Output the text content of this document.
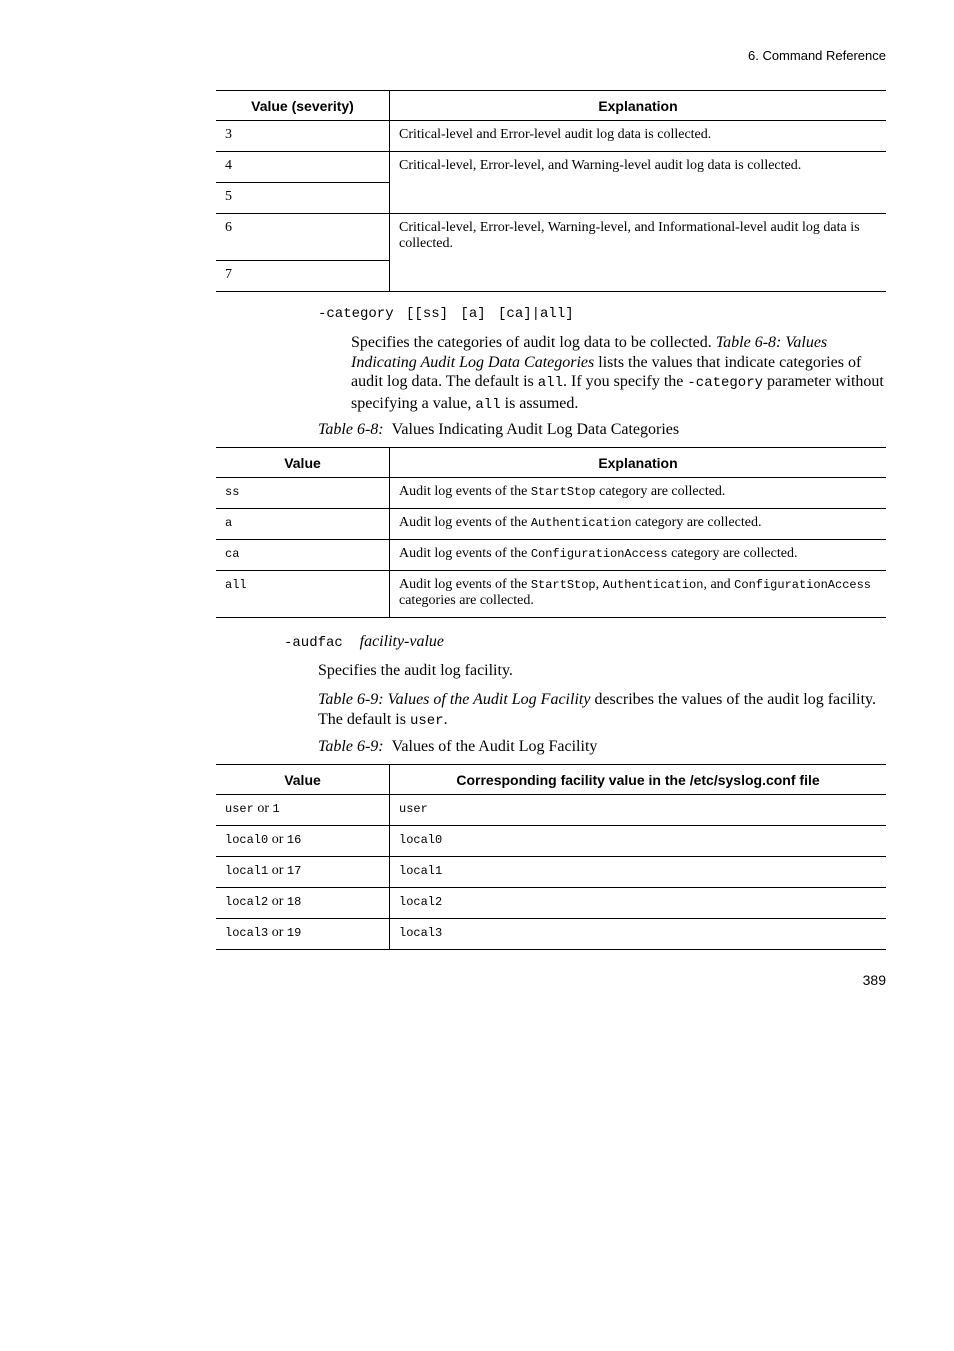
6. Command Reference
Value (severity)	Explanation
3	Critical-level and Error-level audit log data is collected.
4	Critical-level, Error-level, and Warning-level audit log data is collected.
5	
6	Critical-level, Error-level, Warning-level, and Informational-level audit log data is collected.
7	
-category [[ss] [a] [ca]|all]
Specifies the categories of audit log data to be collected. Table 6-8: Values Indicating Audit Log Data Categories lists the values that indicate categories of audit log data. The default is all. If you specify the -category parameter without specifying a value, all is assumed.
Table 6-8: Values Indicating Audit Log Data Categories
Value	Explanation
ss	Audit log events of the StartStop category are collected.
a	Audit log events of the Authentication category are collected.
ca	Audit log events of the ConfigurationAccess category are collected.
all	Audit log events of the StartStop, Authentication, and ConfigurationAccess categories are collected.
-audfac facility-value
Specifies the audit log facility.
Table 6-9: Values of the Audit Log Facility describes the values of the audit log facility. The default is user.
Table 6-9: Values of the Audit Log Facility
Value	Corresponding facility value in the /etc/syslog.conf file
user or 1	user
local0 or 16	local0
local1 or 17	local1
local2 or 18	local2
local3 or 19	local3
389
